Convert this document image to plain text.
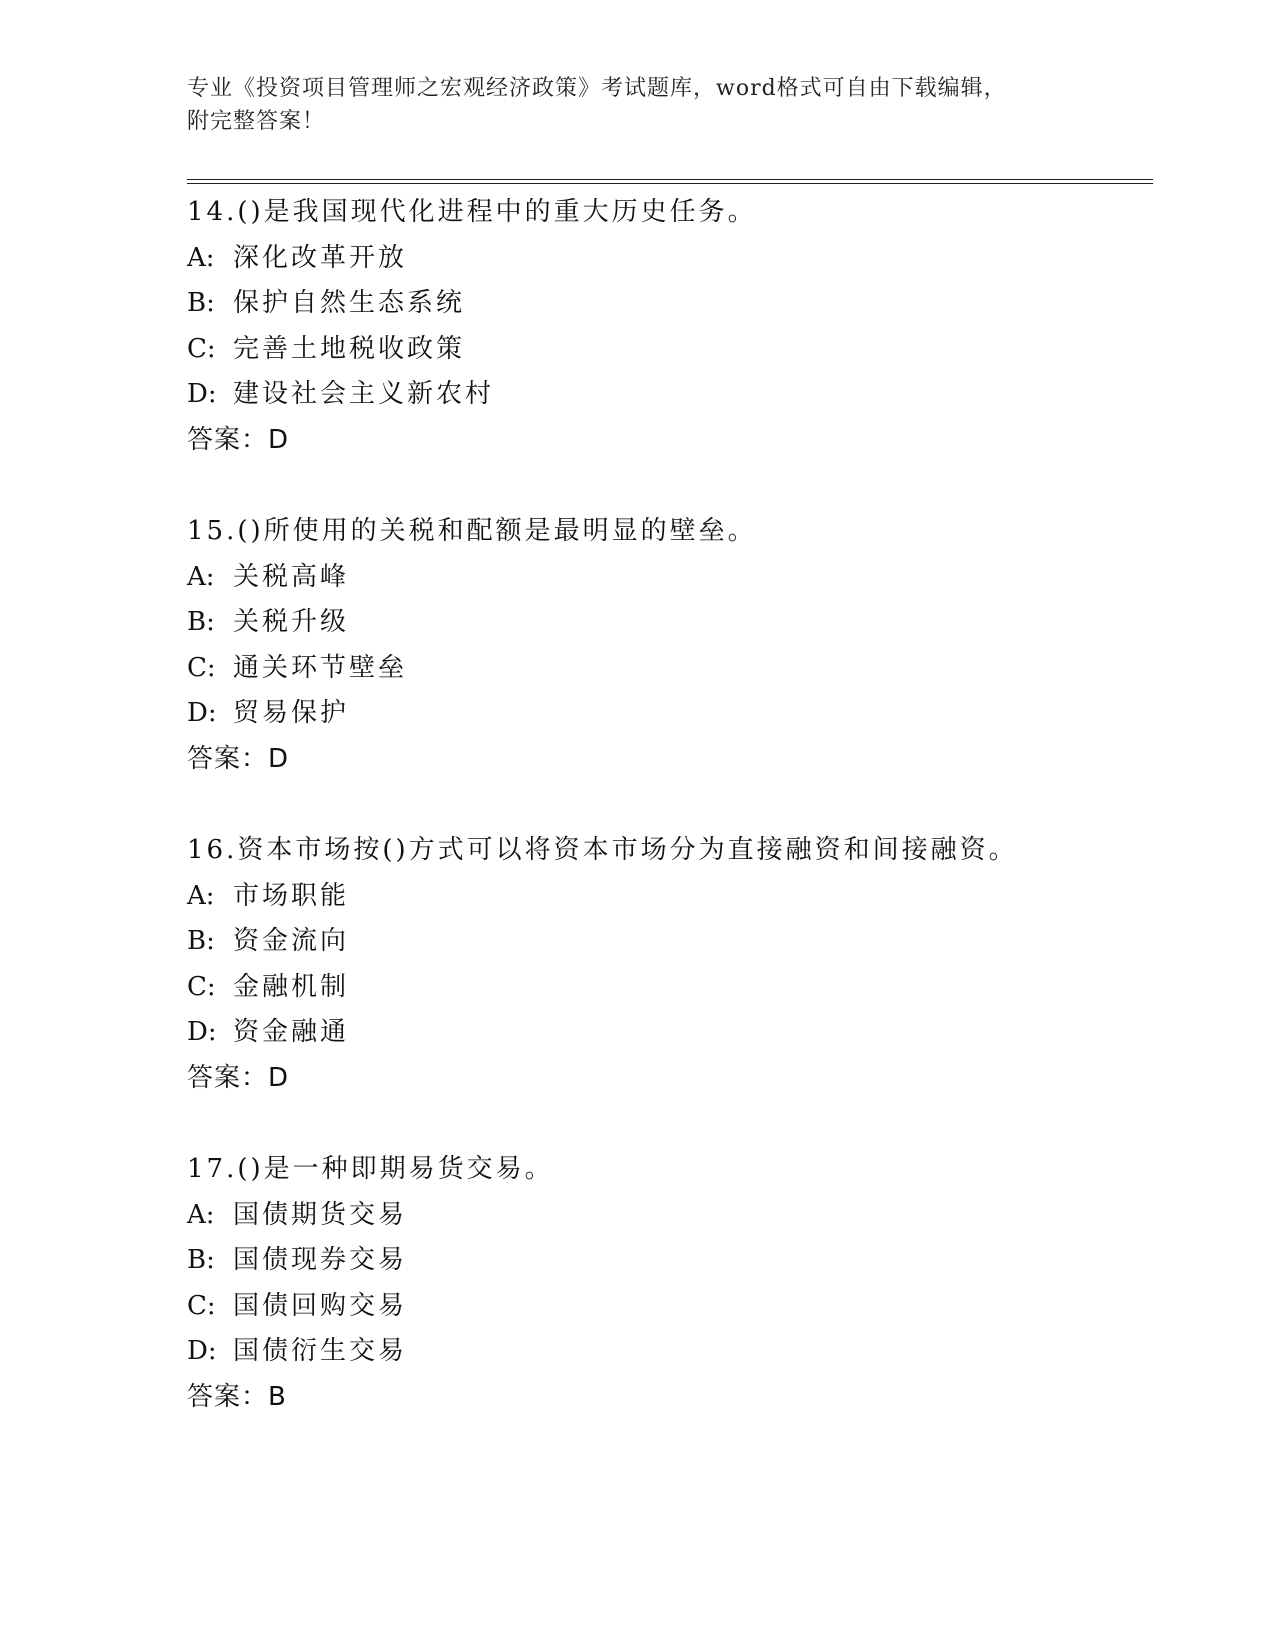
专业《投资项目管理师之宏观经济政策》考试题库，word格式可自由下载编辑，
附完整答案！
14.()是我国现代化进程中的重大历史任务。
A: 深化改革开放
B: 保护自然生态系统
C: 完善土地税收政策
D: 建设社会主义新农村
答案：D
15.()所使用的关税和配额是最明显的壁垒。
A: 关税高峰
B: 关税升级
C: 通关环节壁垒
D: 贸易保护
答案：D
16.资本市场按()方式可以将资本市场分为直接融资和间接融资。
A: 市场职能
B: 资金流向
C: 金融机制
D: 资金融通
答案：D
17.()是一种即期易货交易。
A: 国债期货交易
B: 国债现券交易
C: 国债回购交易
D: 国债衍生交易
答案：B
